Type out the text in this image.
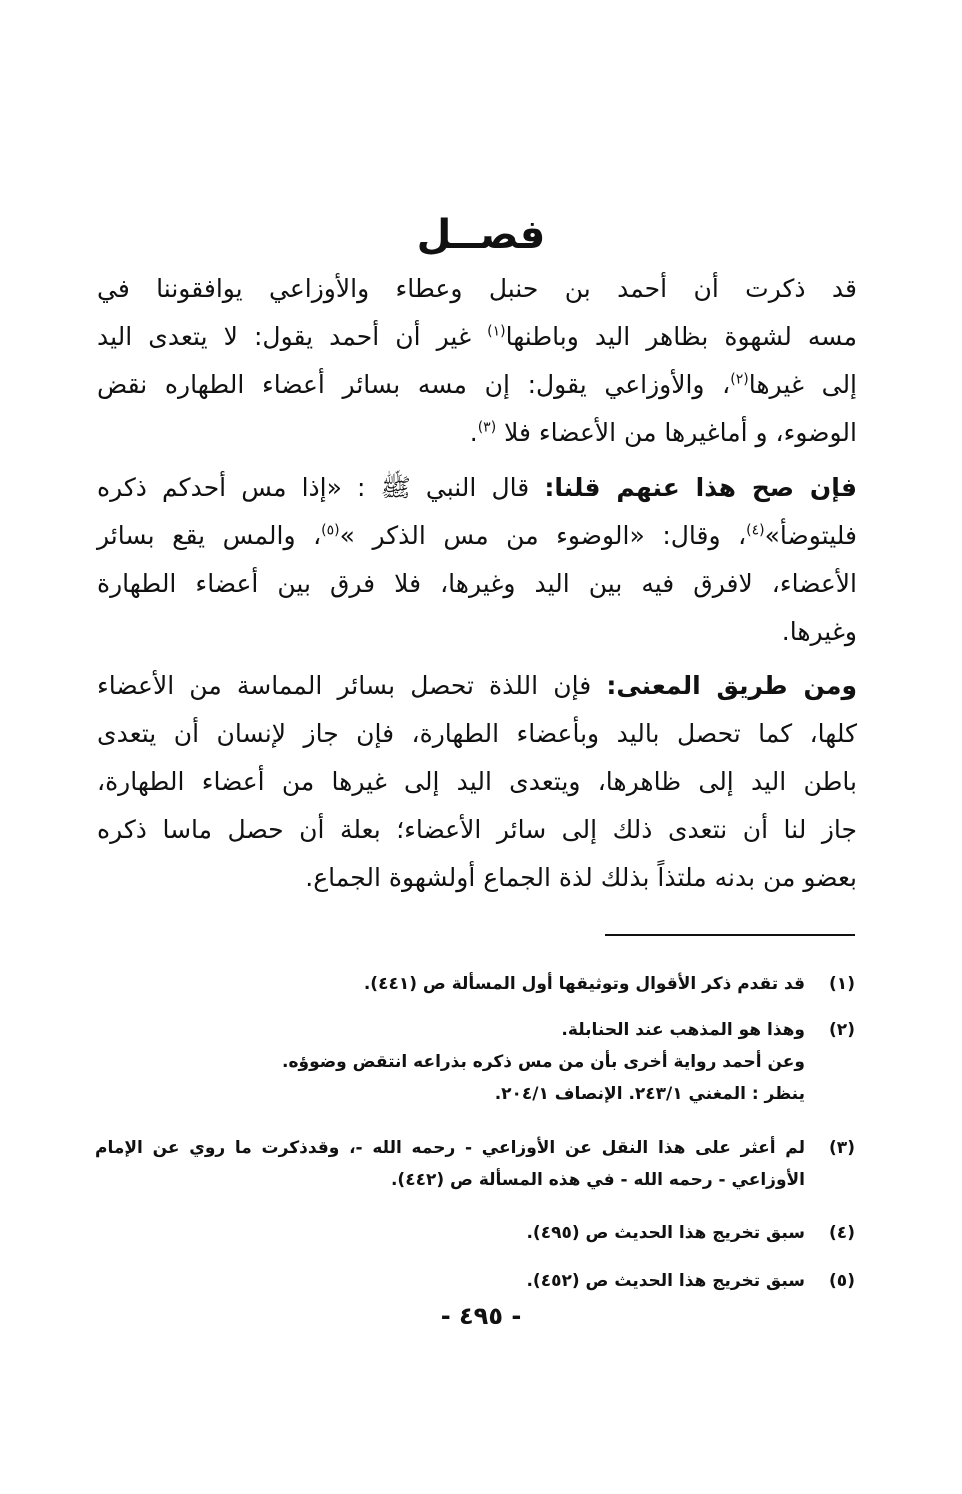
فصــل
قد ذكرت أن أحمد بن حنبل وعطاء والأوزاعي يوافقوننا في
مسه لشهوة بظاهر اليد وباطنها$^{(١)}$ غير أن أحمد يقول: لا يتعدى اليد
إلى غيرها$^{(٢)}$، والأوزاعي يقول: إن مسه بسائر أعضاء الطهاره نقض
الوضوء، و أماغيرها من الأعضاء فلا $^{(٣)}$.
فإن صح هذا عنهم قلنا: قال النبي ﷺ : «إذا مس أحدكم ذكره
فليتوضأ»$^{(٤)}$، وقال: «الوضوء من مس الذكر »$^{(٥)}$، والمس يقع بسائر
الأعضاء، لافرق فيه بين اليد وغيرها، فلا فرق بين أعضاء الطهارة
وغيرها.
ومن طريق المعنى: فإن اللذة تحصل بسائر المماسة من الأعضاء
كلها، كما تحصل باليد وبأعضاء الطهارة، فإن جاز لإنسان أن يتعدى
باطن اليد إلى ظاهرها، ويتعدى اليد إلى غيرها من أعضاء الطهارة،
جاز لنا أن نتعدى ذلك إلى سائر الأعضاء؛ بعلة أن حصل ماسا ذكره
بعضو من بدنه ملتذاً بذلك لذة الجماع أولشهوة الجماع.
(١)
قد تقدم ذكر الأقوال وتوثيقها أول المسألة ص (٤٤١).
(٢)
وهذا هو المذهب عند الحنابلة.
وعن أحمد رواية أخرى بأن من مس ذكره بذراعه انتقض وضوؤه.
ينظر : المغني ٢٤٣/١. الإنصاف ٢٠٤/١.
(٣)
لم أعثر على هذا النقل عن الأوزاعي - رحمه الله -، وقدذكرت ما روي عن الإمام
الأوزاعي - رحمه الله - في هذه المسألة ص (٤٤٢).
(٤)
سبق تخريج هذا الحديث ص (٤٩٥).
(٥)
سبق تخريج هذا الحديث ص (٤٥٢).
- ٤٩٥ -
